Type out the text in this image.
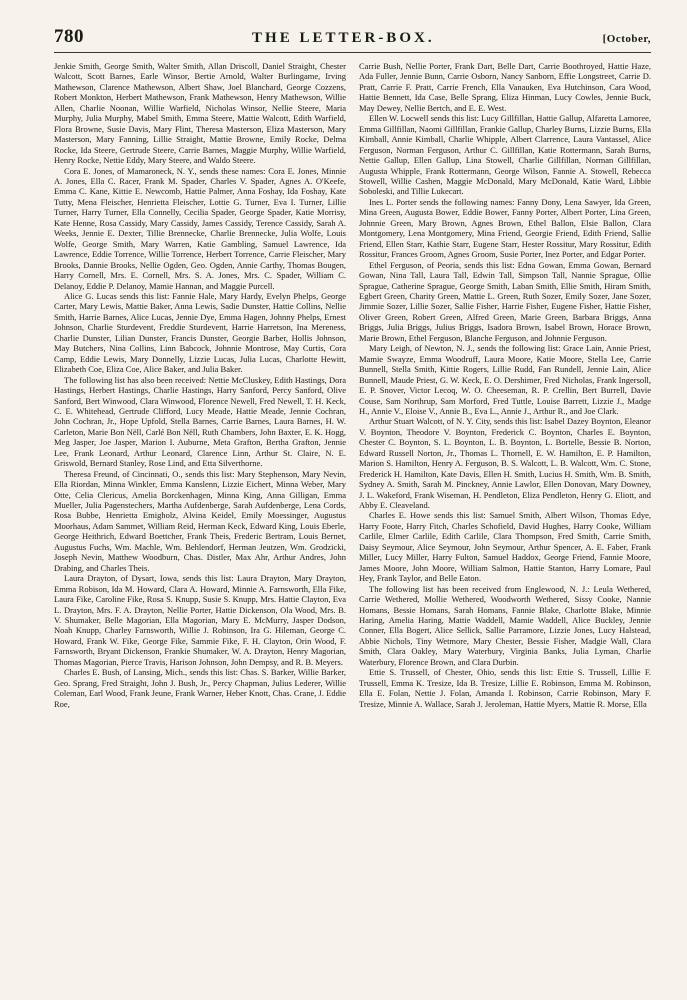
780	THE LETTER-BOX.	[October,

Jenkie Smith, George Smith, Walter Smith, Allan Driscoll, Daniel Straight, Chester Walcott, Scott Barnes, Earle Winsor, Bertie Arnold, Walter Burlingame, Irving Mathewson, Clarence Mathewson, Albert Shaw, Joel Blanchard, George Cozzens, Robert Monkton, Herbert Mathewson, Frank Mathewson, Henry Mathewson, Willie Allen, Charlie Noonan, Willie Warfield, Nicholas Winsor, Nellie Steere, Maria Murphy, Julia Murphy, Mabel Smith, Emma Steere, Mattie Walcott, Edith Warfield, Flora Browne, Susie Davis, Mary Flint, Theresa Masterson, Eliza Masterson, Mary Masterson, Mary Fanning, Lillie Straight, Mattie Browne, Emily Rocke, Delma Rocke, Ida Steere, Gertrude Steere, Carrie Barnes, Maggie Murphy, Willie Warfield, Henry Rocke, Nettie Eddy, Mary Steere, and Waldo Steere.

Cora E. Jones, of Mamaroneck, N. Y., sends these names: Cora E. Jones, Minnie A. Jones, Ella C. Racer, Frank M. Spader, Charles V. Spader, Agnes A. O'Keefe, Emma C. Kane, Kittie E. Newcomb, Hattie Palmer, Anna Foshay, Ida Foshay, Kate Tutty, Mena Fleischer, Henrietta Fleischer, Lottie G. Turner, Eva I. Turner, Lillie Turner, Harry Turner, Ella Connelly, Cecilia Spader, George Spader, Katie Morrisy, Kate Henne, Rosa Cassidy, Mary Cassidy, James Cassidy, Terence Cassidy, Sarah A. Weeks, Jennie E. Dexter, Tillie Brennecke, Charlie Brennecke, Julia Wolfe, Louis Wolfe, George Smith, Mary Warren, Katie Gambling, Samuel Lawrence, Ida Lawrence, Eddie Torrence, Willie Torrence, Herbert Torrence, Carrie Fleischer, Mary Brooks, Dannie Brooks, Nellie Ogden, Geo. Ogden, Annie Carthy, Thomas Bougen, Harry Cornell, Mrs. E. Cornell, Mrs. S. A. Jones, Mrs. C. Spader, William C. Delanoy, Eddie P. Delanoy, Mamie Hannan, and Maggie Purcell.

Alice G. Lucas sends this list: Fannie Hale, Mary Hardy, Evelyn Phelps, George Carter, Mary Lewis, Mattie Baker, Anna Lewis, Sadie Dunster, Hattie Collins, Nellie Smith, Harrie Barnes, Alice Lucas, Jennie Dye, Emma Hagen, Johnny Phelps, Ernest Johnson, Charlie Sturdevent, Freddie Sturdevent, Harrie Harretson, Ina Mereness, Charlie Dunster, Lilian Dunster, Francis Dunster, Georgie Barber, Hollis Johnson, May Butchers, Nina Collins, Linn Babcock, Johnnie Montrose, May Curtis, Cora Camp, Eddie Lewis, Mary Donnelly, Lizzie Lucas, Julia Lucas, Charlotte Hewitt, Elizabeth Coe, Eliza Coe, Alice Baker, and Julia Baker.

The following list has also been received: Nettie McCluskey, Edith Hastings, Dora Hastings, Herbert Hastings, Charlie Hastings, Harry Sanford, Percy Sanford, Olive Sanford, Bert Winwood, Clara Winwood, Florence Newell, Fred Newell, T. H. Keck, C. E. Whitehead, Gertrude Clifford, Lucy Meade, Hattie Meade, Jennie Cochran, John Cochran, Jr., Hope Upfold, Stella Barnes, Carrie Barnes, Laura Barnes, H. W. Carleton, Marie Bon Nëll, Carlé Bon Nëll, Ruth Chambers, John Baxter, E. K. Hogg, Meg Jasper, Joe Jasper, Marion I. Auburne, Meta Grafton, Bertha Grafton, Jennie Lee, Frank Leonard, Arthur Leonard, Clarence Linn, Arthur St. Claire, N. E. Griswold, Bernard Stanley, Rose Lind, and Etta Silverthorne.

Theresa Freund, of Cincinnati, O., sends this list: Mary Stephenson, Mary Nevin, Ella Riordan, Minna Winkler, Emma Kanslenn, Lizzie Eichert, Minna Weber, Mary Otte, Celia Clericus, Amelia Borckenhagen, Minna King, Anna Gilligan, Emma Mueller, Julia Pagenstechers, Martha Aufdenberge, Sarah Aufdenberge, Lena Cords, Rosa Bubbe, Henrietta Emigholz, Alvina Keidel, Emily Moessinger, Augustus Moorhaus, Adam Sammet, William Reid, Herman Keck, Edward King, Louis Eberle, George Heithrich, Edward Boettcher, Frank Theis, Frederic Bertram, Louis Bernet, Augustus Fuchs, Wm. Machle, Wm. Behlendorf, Herman Jeutzen, Wm. Grodzicki, Joseph Nevin, Matthew Woodburn, Chas. Distler, Max Ahr, Arthur Andres, John Drabing, and Charles Theis.

Laura Drayton, of Dysart, Iowa, sends this list: Laura Drayton, Mary Drayton, Emma Robison, Ida M. Howard, Clara A. Howard, Minnie A. Farnsworth, Ella Fike, Laura Fike, Caroline Fike, Rosa S. Knupp, Susie S. Knupp, Mrs. Hattie Clayton, Eva L. Drayton, Mrs. F. A. Drayton, Nellie Porter, Hattie Dickenson, Ola Wood, Mrs. B. V. Shumaker, Belle Magorian, Ella Magorian, Mary E. McMurry, Jasper Dodson, Noah Knupp, Charley Farnsworth, Willie J. Robinson, Ira G. Hileman, George C. Howard, Frank W. Fike, George Fike, Sammie Fike, F. H. Clayton, Orin Wood, F. Farnsworth, Bryant Dickenson, Frankie Shumaker, W. A. Drayton, Henry Magorian, Thomas Magorian, Pierce Travis, Harison Johnson, John Dempsy, and R. B. Meyers.

Charles E. Bush, of Lansing, Mich., sends this list: Chas. S. Barker, Willie Barker, Geo. Sprang, Fred Straight, John J. Bush, Jr., Percy Chapman, Julius Lederer, Willie Coleman, Earl Wood, Frank Jeune, Frank Warner, Heber Knott, Chas. Crane, J. Eddie Roe,

Carrie Bush, Nellie Porter, Frank Dart, Belle Dart, Carrie Boothroyed, Hattie Haze, Ada Fuller, Jennie Bunn, Carrie Osborn, Nancy Sanborn, Effie Longstreet, Carrie D. Pratt, Carrie F. Pratt, Carrie French, Ella Vanauken, Eva Hutchinson, Cara Wood, Hattie Bennett, Ida Case, Belle Sprang, Eliza Hinman, Lucy Cowles, Jennie Buck, May Dewey, Nellie Bertch, and E. E. West.

Ellen W. Locwell sends this list: Lucy Gillfillan, Hattie Gallup, Alfaretta Lamoree, Emma Gillfillan, Naomi Gillfillan, Frankie Gallup, Charley Burns, Lizzie Burns, Ella Kimball, Annie Kimball, Charlie Whipple, Albert Clarrence, Laura Vantassel, Alice Ferguson, Norman Ferguson, Arthur C. Gillfillan, Katie Rottermann, Sarah Burns, Nettie Gallup, Ellen Gallup, Lina Stowell, Charlie Gillfillan, Norman Gillfillan, Augusta Whipple, Frank Rottermann, George Wilson, Fannie A. Stowell, Rebecca Stowell, Willie Cashen, Maggie McDonald, Mary McDonald, Katie Ward, Libbie Soboleski, and Tillie Lukecart.

Ines L. Porter sends the following names: Fanny Dony, Lena Sawyer, Ida Green, Mina Green, Augusta Bower, Eddie Bower, Fanny Porter, Albert Porter, Lina Green, Johnnie Green, Mary Brown, Agnes Brown, Ethel Ballon, Elsie Ballon, Clara Montgomery, Lena Montgomery, Mina Friend, Georgie Friend, Edith Friend, Sallie Friend, Ellen Starr, Kathie Starr, Eugene Starr, Hester Rossitur, Mary Rossitur, Edith Rossitur, Frances Groom, Agnes Groom, Susie Porter, Inez Porter, and Edgar Porter.

Ethel Ferguson, of Peoria, sends this list: Edna Gowan, Emma Gowan, Bernard Gowan, Nina Tall, Laura Tall, Edwin Tall, Simpson Tall, Nannie Sprague, Ollie Sprague, Catherine Sprague, George Smith, Laban Smith, Ellie Smith, Hiram Smith, Egbert Green, Charity Green, Mattie L. Green, Ruth Sozer, Emily Sozer, Jane Sozer, Jimmie Sozer, Lillie Sozer, Sallie Fisher, Harrie Fisher, Eugene Fisher, Hattie Fisher, Oliver Green, Robert Green, Alfred Green, Marie Green, Barbara Briggs, Anna Briggs, Julia Briggs, Julius Briggs, Isadora Brown, Isabel Brown, Horace Brown, Marie Brown, Ethel Ferguson, Blanche Ferguson, and Johnnie Ferguson.

Mary Leigh, of Newton, N. J., sends the following list: Grace Lain, Annie Priest, Mamie Swayze, Emma Woodruff, Laura Moore, Katie Moore, Stella Lee, Carrie Bunnell, Stella Smith, Kittie Rogers, Lillie Rudd, Fan Rundell, Jennie Lain, Alice Bunnell, Maude Priest, G. W. Keck, E. O. Dershimer, Fred Nicholas, Frank Ingersoll, E. P. Snover, Victor Lecoq, W. O. Cheeseman, R. P. Crellin, Bert Burrell, Davie Couse, Sam Northrup, Sam Morford, Fred Tuttle, Louise Barrett, Lizzie J., Madge H., Annie V., Eloise V., Annie B., Eva L., Annie J., Arthur R., and Joe Clark.

Arthur Stuart Walcott, of N. Y. City, sends this list: Isabel Dazey Boynton, Eleanor V. Boynton, Theodore V. Boynton, Frederick C. Boynton, Charles E. Boynton, Chester C. Boynton, S. L. Boynton, L. B. Boynton, L. Bortelle, Bessie B. Norton, Edward Russell Norton, Jr., Thomas L. Thornell, E. W. Hamilton, E. P. Hamilton, Marion S. Hamilton, Henry A. Ferguson, B. S. Walcott, L. B. Walcott, Wm. C. Stone, Frederick H. Hamilton, Kate Davis, Ellen H. Smith, Lucius H. Smith, Wm. B. Smith, Sydney A. Smith, Sarah M. Pinckney, Annie Lawlor, Ellen Donovan, Mary Downey, J. L. Wakeford, Frank Wiseman, H. Pendleton, Eliza Pendleton, Henry G. Eliott, and Abby E. Cleaveland.

Charles E. Howe sends this list: Samuel Smith, Albert Wilson, Thomas Edye, Harry Foote, Harry Fitch, Charles Schofield, David Hughes, Harry Cooke, William Carlile, Elmer Carlile, Edith Carlile, Clara Thompson, Fred Smith, Carrie Smith, Daisy Seymour, Alice Seymour, John Seymour, Arthur Spencer, A. E. Faber, Frank Miller, Lucy Miller, Harry Fulton, Samuel Haddox, George Friend, Fannie Moore, James Moore, John Moore, William Salmon, Hattie Stanton, Harry Lomare, Paul Hey, Frank Taylor, and Belle Eaton.

The following list has been received from Englewood, N. J.: Leula Wethered, Carrie Wethered, Mollie Wethered, Woodworth Wethered, Sissy Cooke, Nannie Homans, Bessie Homans, Sarah Homans, Fannie Blake, Charlotte Blake, Minnie Haring, Amelia Haring, Mattie Waddell, Mamie Waddell, Alice Buckley, Jennie Conner, Ella Bogert, Alice Sellick, Sallie Parramore, Lizzie Jones, Lucy Halstead, Abbie Nichols, Tiny Wetmore, Mary Chester, Bessie Fisher, Madgie Wall, Clara Smith, Clara Oakley, Mary Waterbury, Virginia Banks, Julia Lyman, Charlie Waterbury, Florence Brown, and Clara Durbin.

Ettie S. Trussell, of Chester, Ohio, sends this list: Ettie S. Trussell, Lillie F. Trussell, Emma K. Tresize, Ida B. Tresize, Lillie E. Robinson, Emma M. Robinson, Ella E. Folan, Nettie J. Folan, Amanda I. Robinson, Carrie Robinson, Mary F. Tresize, Minnie A. Wallace, Sarah J. Jeroleman, Hattie Myers, Mattie R. Morse, Ella
